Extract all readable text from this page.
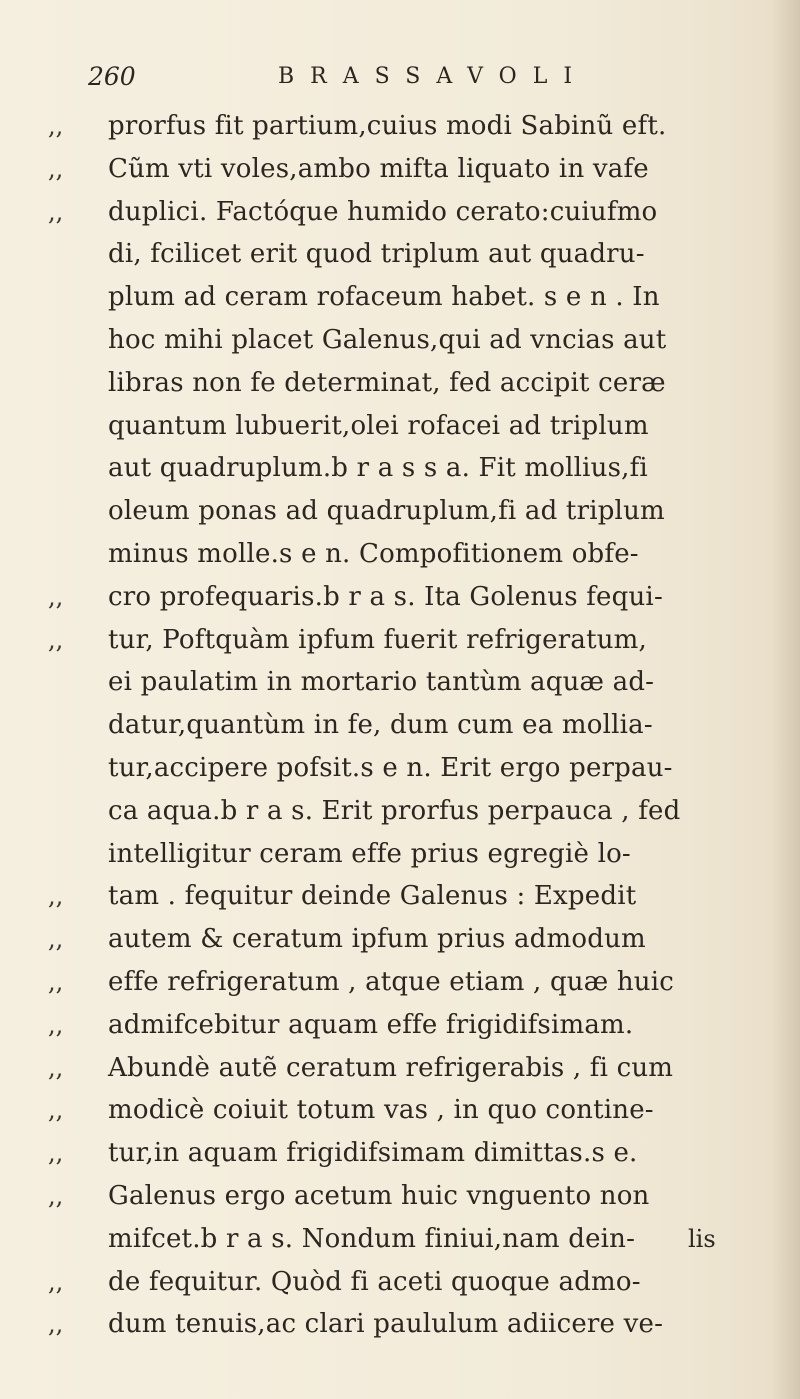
260	BRASSAVOLI
,,	prorfus fit partium,cuius modi Sabinũ eft.
,,	Cũm vti voles,ambo mifta liquato in vafe
,,	duplici. Factóque humido cerato:cuiufmo
di, fcilicet erit quod triplum aut quadru-
plum ad ceram rofaceum habet. s e n . In
hoc mihi placet Galenus,qui ad vncias aut
libras non fe determinat, fed accipit ceræ
quantum lubuerit,olei rofacei ad triplum
aut quadruplum.b r a s s a. Fit mollius,fi
oleum ponas ad quadruplum,fi ad triplum
minus molle.s e n. Compofitionem obfe-
,,	cro profequaris.b r a s. Ita Golenus fequi-
,,	tur, Poftquàm ipfum fuerit refrigeratum,
ei paulatim in mortario tantùm aquæ ad-
datur,quantùm in fe, dum cum ea mollia-
tur,accipere pofsit.s e n. Erit ergo perpau-
ca aqua.b r a s. Erit prorfus perpauca , fed
intelligitur ceram effe prius egregiè lo-
,,	tam . fequitur deinde Galenus : Expedit
,,	autem & ceratum ipfum prius admodum
,,	effe refrigeratum , atque etiam , quæ huic
,,	admifcebitur aquam effe frigidifsimam.
,,	Abundè autẽ ceratum refrigerabis , fi cum
,,	modicè coiuit totum vas , in quo contine-
,,	tur,in aquam frigidifsimam dimittas.s e.
,,	Galenus ergo acetum huic vnguento non
mifcet.b r a s. Nondum finiui,nam dein-
,,	de fequitur. Quòd fi aceti quoque admo-
,,	dum tenuis,ac clari paululum adiicere ve-
lis
